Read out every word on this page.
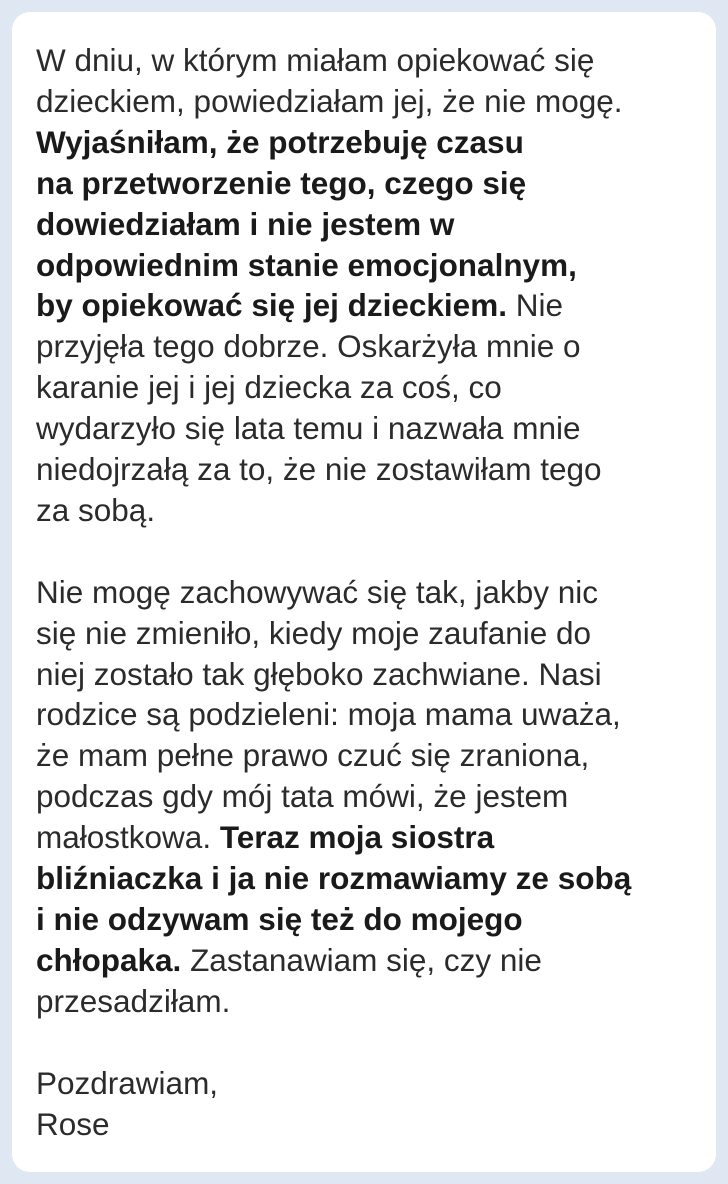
W dniu, w którym miałam opiekować się
dzieckiem, powiedziałam jej, że nie mogę.
Wyjaśniłam, że potrzebuję czasu
na przetworzenie tego, czego się
dowiedziałam i nie jestem w
odpowiednim stanie emocjonalnym,
by opiekować się jej dzieckiem. Nie
przyjęła tego dobrze. Oskarżyła mnie o
karanie jej i jej dziecka za coś, co
wydarzyło się lata temu i nazwała mnie
niedojrzałą za to, że nie zostawiłam tego
za sobą.

Nie mogę zachowywać się tak, jakby nic
się nie zmieniło, kiedy moje zaufanie do
niej zostało tak głęboko zachwiane. Nasi
rodzice są podzieleni: moja mama uważa,
że mam pełne prawo czuć się zraniona,
podczas gdy mój tata mówi, że jestem
małostkowa. Teraz moja siostra
bliźniaczka i ja nie rozmawiamy ze sobą
i nie odzywam się też do mojego
chłopaka. Zastanawiam się, czy nie
przesadziłam.

Pozdrawiam,
Rose
